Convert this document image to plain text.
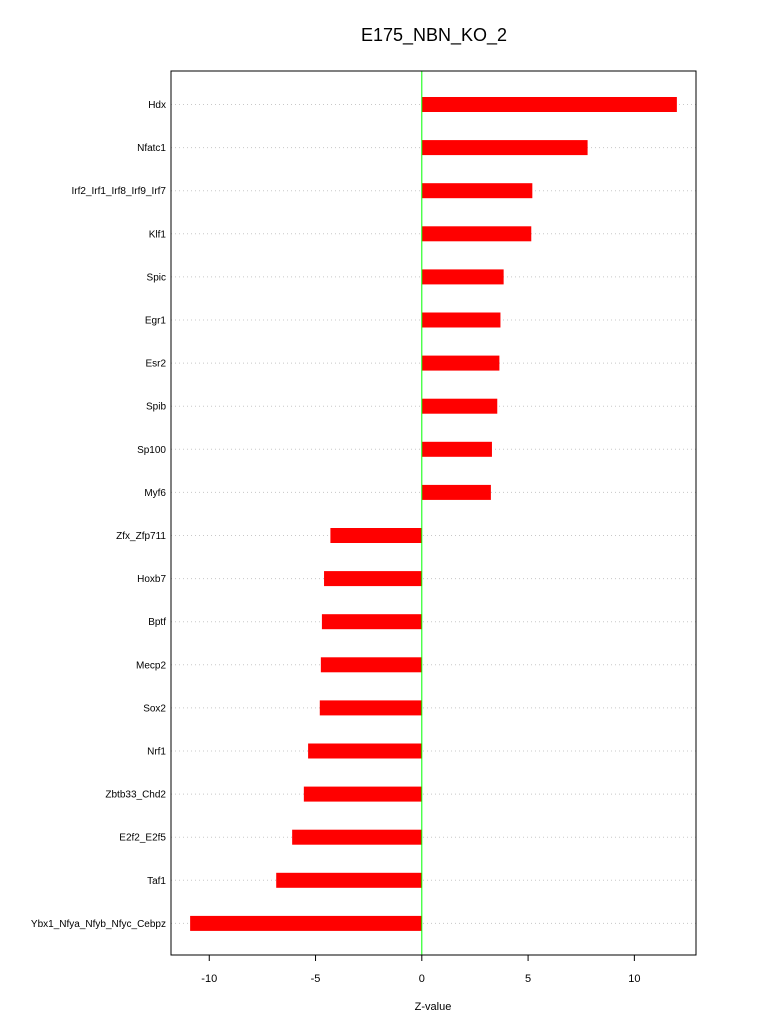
E175_NBN_KO_2
Hdx
Nfatc1
Irf2_Irf1_Irf8_Irf9_Irf7
Klf1
Spic
Egr1
Esr2
Spib
Sp100
Myf6
Zfx_Zfp711
Hoxb7
Bptf
Mecp2
Sox2
Nrf1
Zbtb33_Chd2
E2f2_E2f5
Taf1
Ybx1_Nfya_Nfyb_Nfyc_Cebpz
-10	-5	0	5	10
Z-value
